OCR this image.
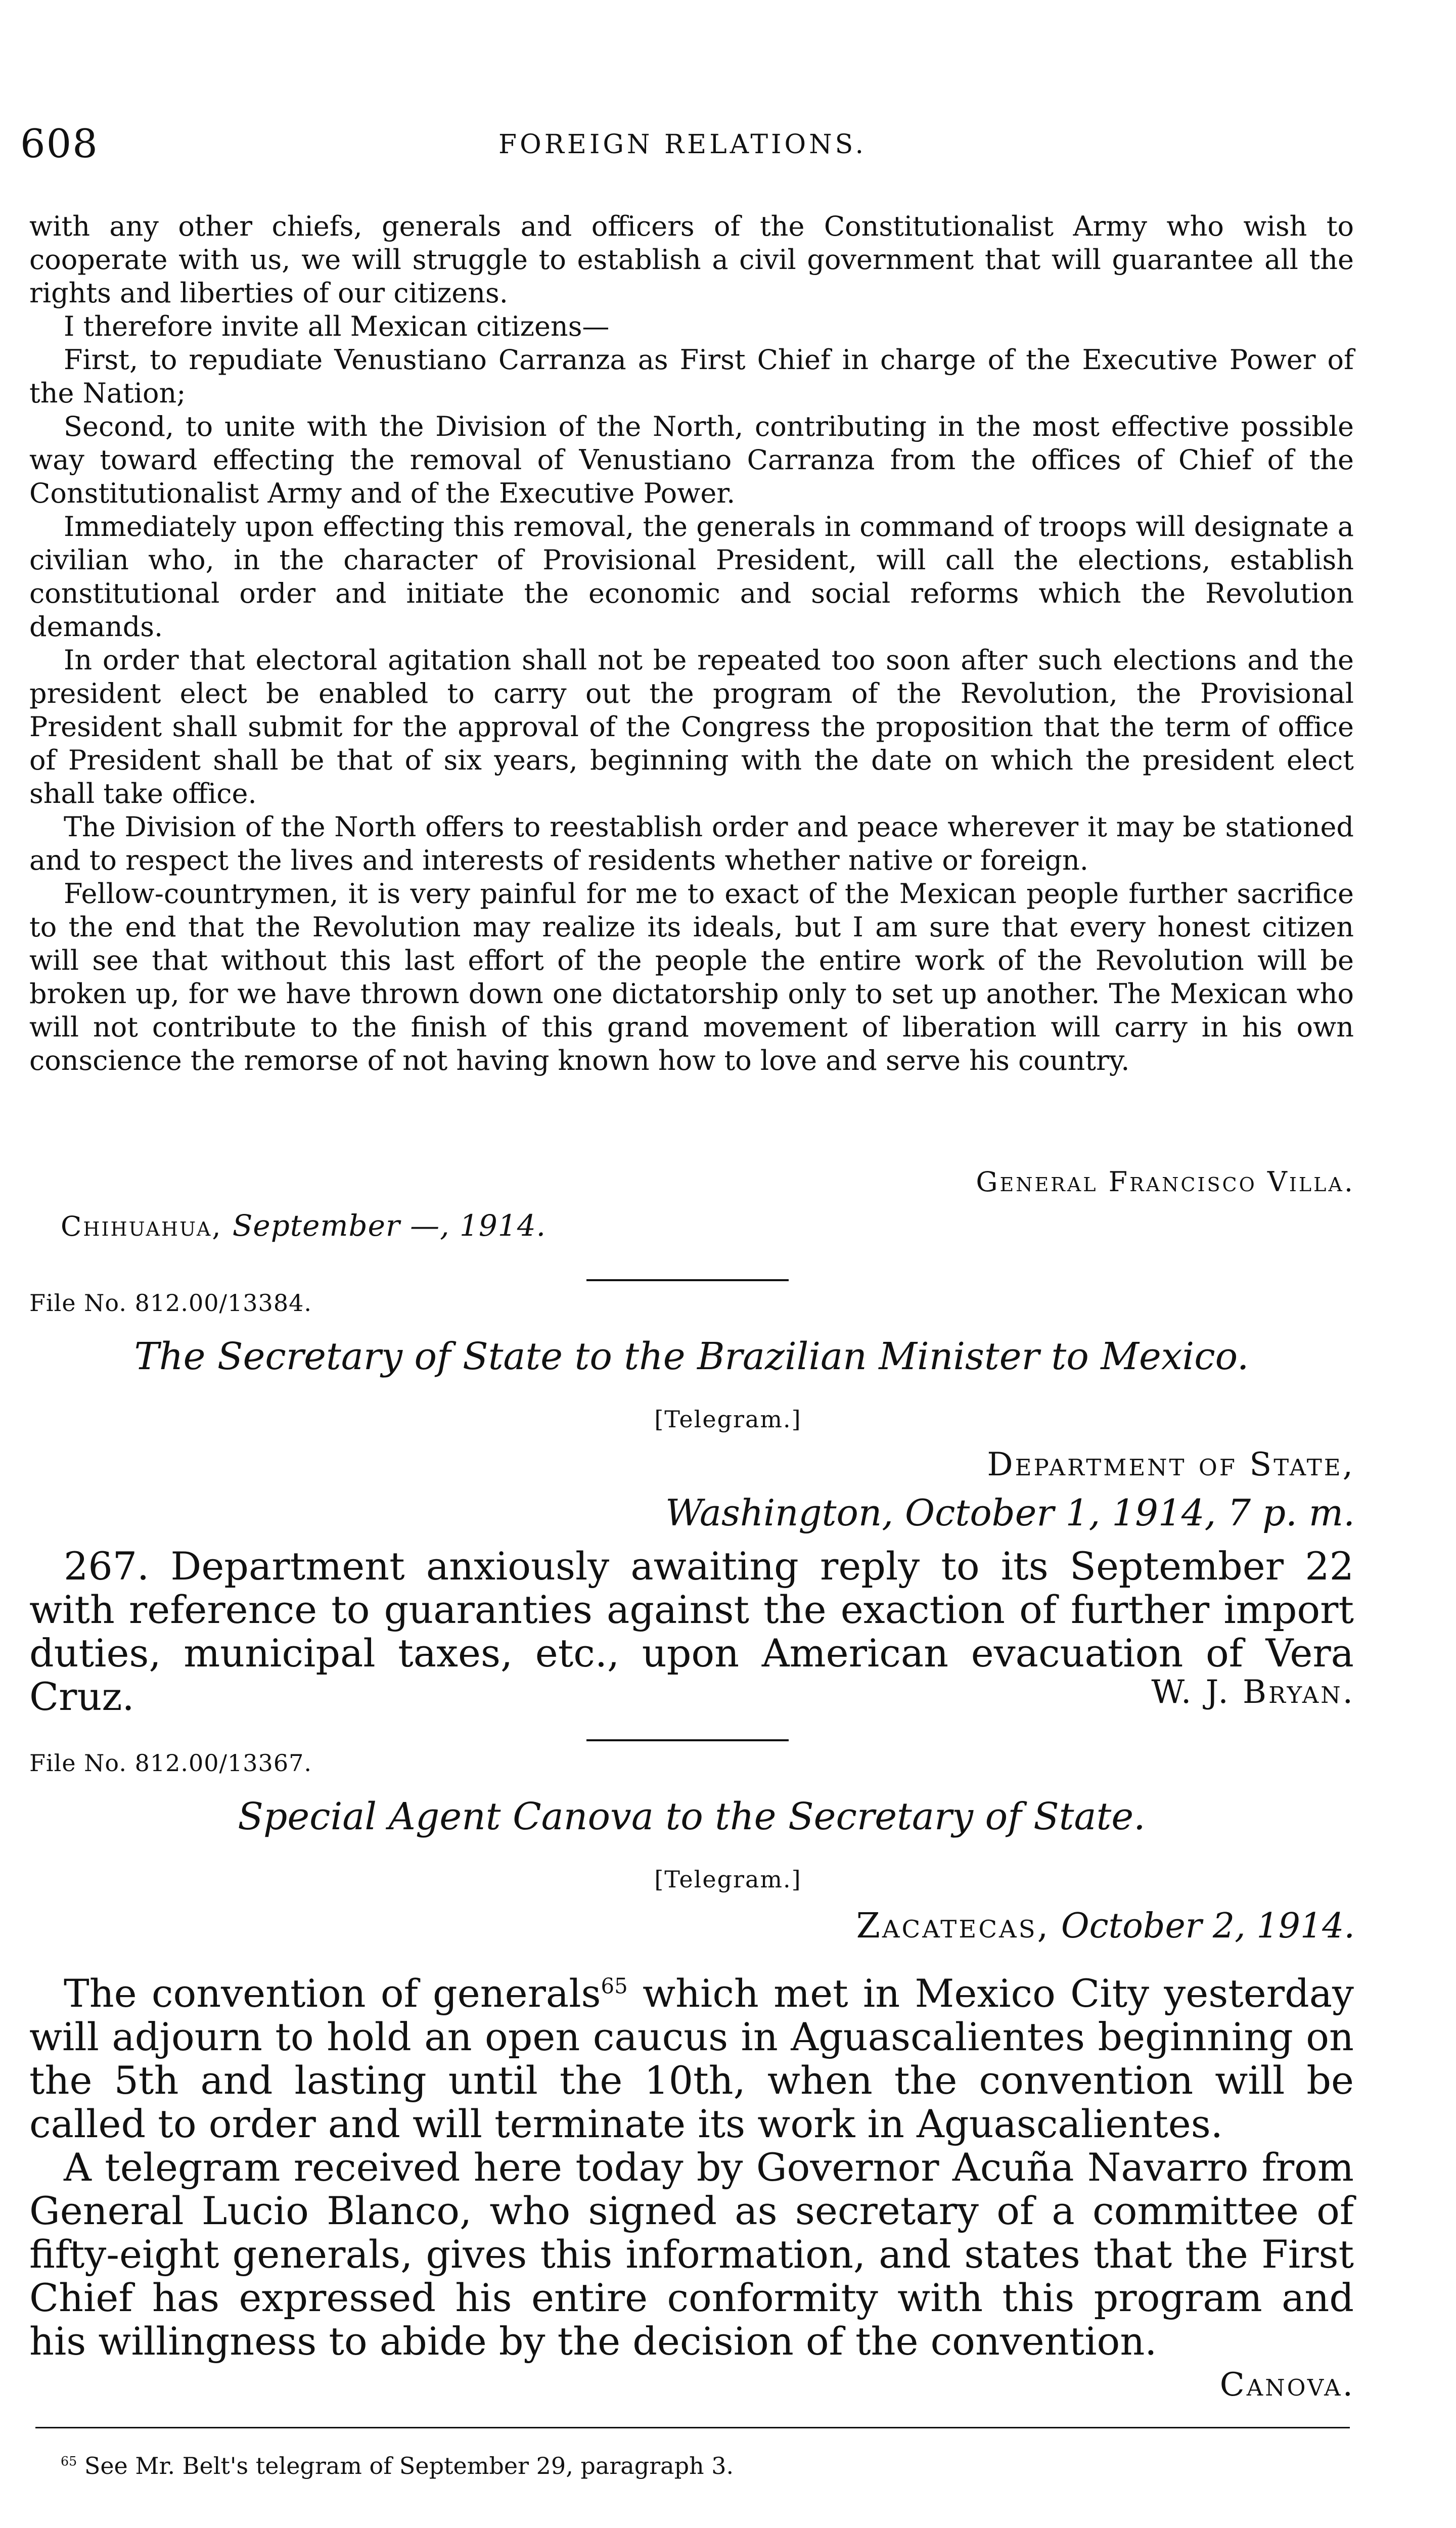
608	FOREIGN RELATIONS.

with any other chiefs, generals and officers of the Constitutionalist Army who wish to cooperate with us, we will struggle to establish a civil government that will guarantee all the rights and liberties of our citizens.

I therefore invite all Mexican citizens—

First, to repudiate Venustiano Carranza as First Chief in charge of the Executive Power of the Nation;

Second, to unite with the Division of the North, contributing in the most effective possible way toward effecting the removal of Venustiano Carranza from the offices of Chief of the Constitutionalist Army and of the Executive Power.

Immediately upon effecting this removal, the generals in command of troops will designate a civilian who, in the character of Provisional President, will call the elections, establish constitutional order and initiate the economic and social reforms which the Revolution demands.

In order that electoral agitation shall not be repeated too soon after such elections and the president elect be enabled to carry out the program of the Revolution, the Provisional President shall submit for the approval of the Congress the proposition that the term of office of President shall be that of six years, beginning with the date on which the president elect shall take office.

The Division of the North offers to reestablish order and peace wherever it may be stationed and to respect the lives and interests of residents whether native or foreign.

Fellow-countrymen, it is very painful for me to exact of the Mexican people further sacrifice to the end that the Revolution may realize its ideals, but I am sure that every honest citizen will see that without this last effort of the people the entire work of the Revolution will be broken up, for we have thrown down one dictatorship only to set up another. The Mexican who will not contribute to the finish of this grand movement of liberation will carry in his own conscience the remorse of not having known how to love and serve his country.

General Francisco Villa.
Chihuahua, September —, 1914.
File No. 812.00/13384.
The Secretary of State to the Brazilian Minister to Mexico.
[Telegram.]
Department of State,
Washington, October 1, 1914, 7 p. m.

267. Department anxiously awaiting reply to its September 22 with reference to guaranties against the exaction of further import duties, municipal taxes, etc., upon American evacuation of Vera Cruz.	W. J. Bryan.
File No. 812.00/13367.
Special Agent Canova to the Secretary of State.
[Telegram.]
Zacatecas, October 2, 1914.

The convention of generals$^{65}$ which met in Mexico City yesterday will adjourn to hold an open caucus in Aguascalientes beginning on the 5th and lasting until the 10th, when the convention will be called to order and will terminate its work in Aguascalientes.

A telegram received here today by Governor Acuña Navarro from General Lucio Blanco, who signed as secretary of a committee of fifty-eight generals, gives this information, and states that the First Chief has expressed his entire conformity with this program and his willingness to abide by the decision of the convention.

Canova.
$^{65}$ See Mr. Belt's telegram of September 29, paragraph 3.
